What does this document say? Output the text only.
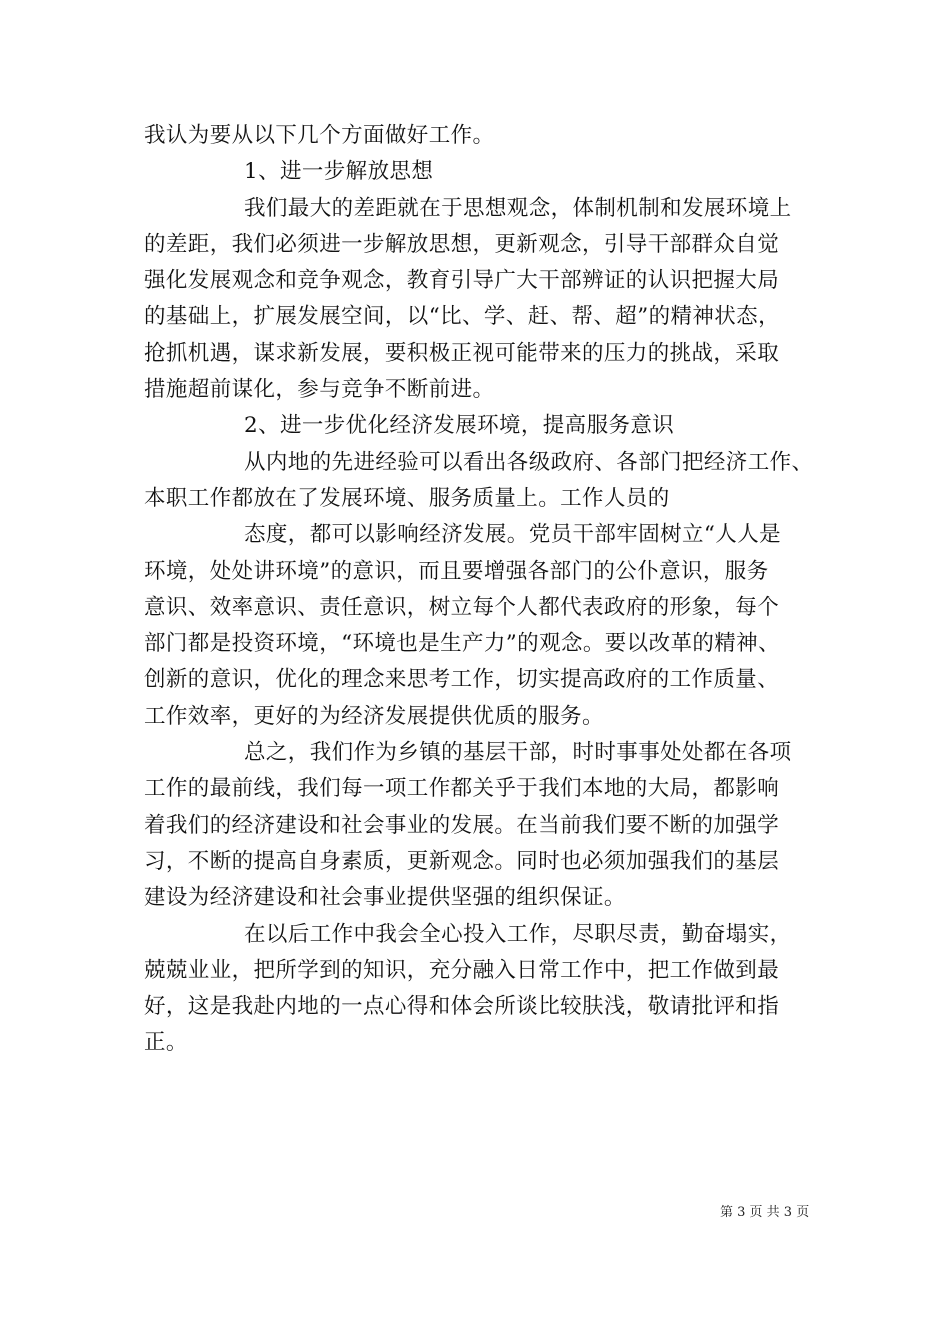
我认为要从以下几个方面做好工作。
1、进一步解放思想
我们最大的差距就在于思想观念，体制机制和发展环境上
的差距，我们必须进一步解放思想，更新观念，引导干部群众自觉
强化发展观念和竞争观念，教育引导广大干部辨证的认识把握大局
的基础上，扩展发展空间，以“比、学、赶、帮、超”的精神状态，
抢抓机遇，谋求新发展，要积极正视可能带来的压力的挑战，采取
措施超前谋化，参与竞争不断前进。
2、进一步优化经济发展环境，提高服务意识
从内地的先进经验可以看出各级政府、各部门把经济工作、
本职工作都放在了发展环境、服务质量上。工作人员的
态度，都可以影响经济发展。党员干部牢固树立“人人是
环境，处处讲环境”的意识，而且要增强各部门的公仆意识，服务
意识、效率意识、责任意识，树立每个人都代表政府的形象，每个
部门都是投资环境，“环境也是生产力”的观念。要以改革的精神、
创新的意识，优化的理念来思考工作，切实提高政府的工作质量、
工作效率，更好的为经济发展提供优质的服务。
总之，我们作为乡镇的基层干部，时时事事处处都在各项
工作的最前线，我们每一项工作都关乎于我们本地的大局，都影响
着我们的经济建设和社会事业的发展。在当前我们要不断的加强学
习，不断的提高自身素质，更新观念。同时也必须加强我们的基层
建设为经济建设和社会事业提供坚强的组织保证。
在以后工作中我会全心投入工作，尽职尽责，勤奋塌实，
兢兢业业，把所学到的知识，充分融入日常工作中，把工作做到最
好，这是我赴内地的一点心得和体会所谈比较肤浅，敬请批评和指
正。
第 3 页 共 3 页
